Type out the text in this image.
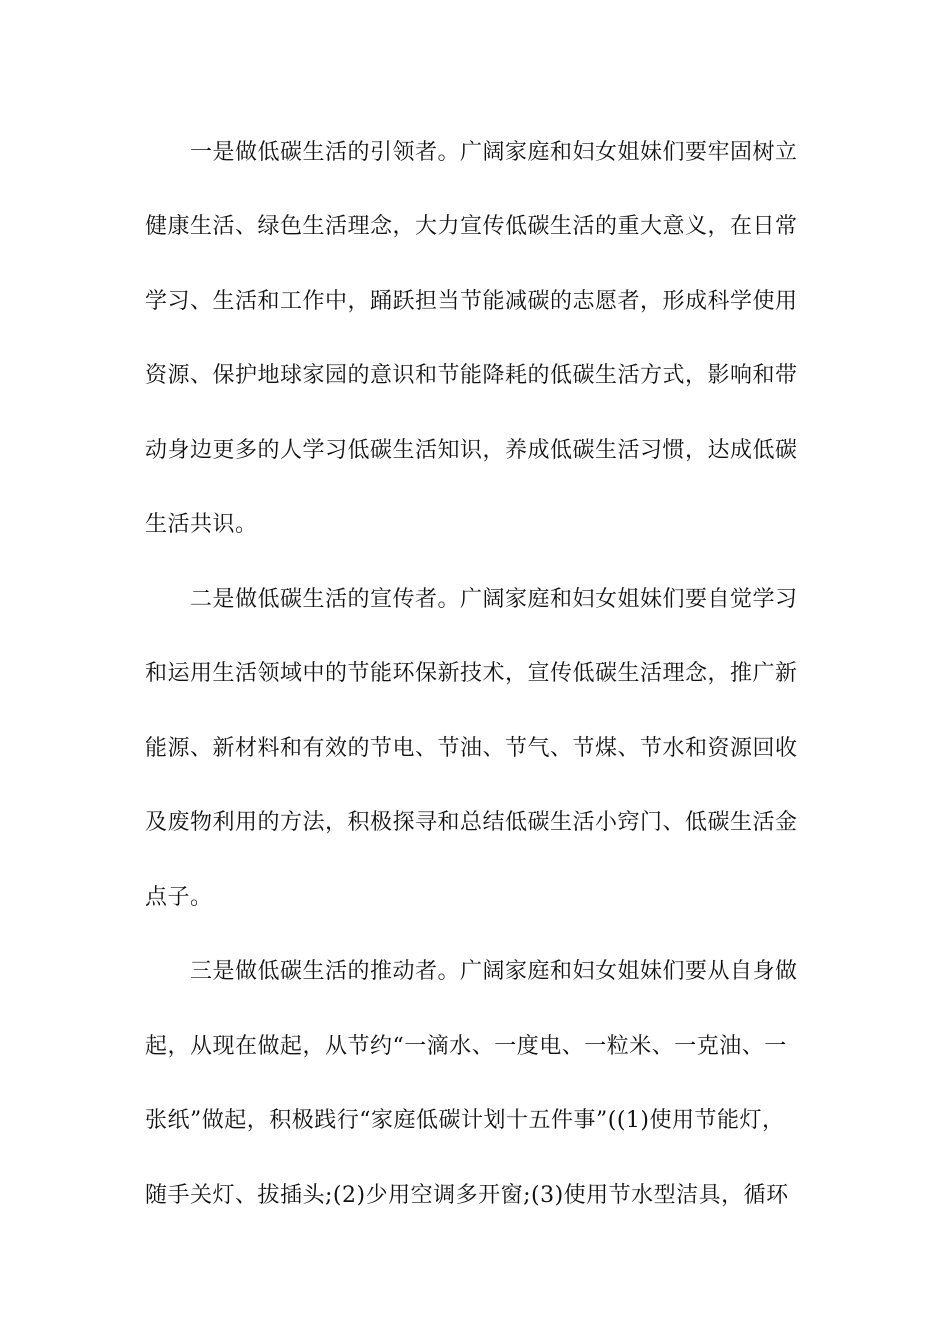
一是做低碳生活的引领者。广阔家庭和妇女姐妹们要牢固树立
健康生活、绿色生活理念，大力宣传低碳生活的重大意义，在日常
学习、生活和工作中，踊跃担当节能减碳的志愿者，形成科学使用
资源、保护地球家园的意识和节能降耗的低碳生活方式，影响和带
动身边更多的人学习低碳生活知识，养成低碳生活习惯，达成低碳
生活共识。
二是做低碳生活的宣传者。广阔家庭和妇女姐妹们要自觉学习
和运用生活领域中的节能环保新技术，宣传低碳生活理念，推广新
能源、新材料和有效的节电、节油、节气、节煤、节水和资源回收
及废物利用的方法，积极探寻和总结低碳生活小窍门、低碳生活金
点子。
三是做低碳生活的推动者。广阔家庭和妇女姐妹们要从自身做
起，从现在做起，从节约“一滴水、一度电、一粒米、一克油、一
张纸”做起，积极践行“家庭低碳计划十五件事”((1)使用节能灯，
随手关灯、拔插头;(2)少用空调多开窗;(3)使用节水型洁具，循环
